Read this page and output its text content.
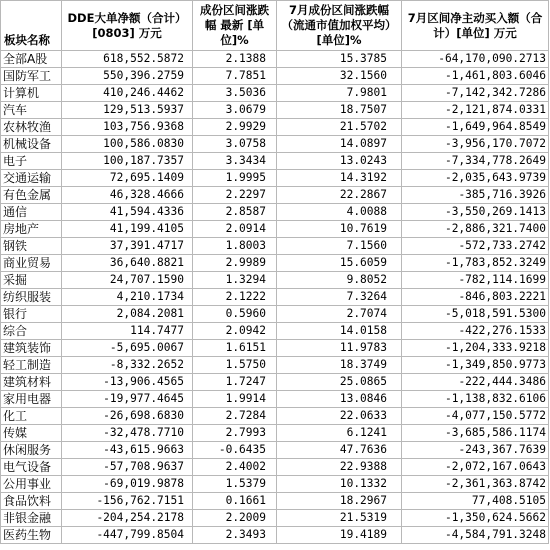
板块名称	DDE大单净额（合计）[0803] 万元	成份区间涨跌幅 最新 [单位]%	7月成份区间涨跌幅（流通市值加权平均）[单位]%	7月区间净主动买入额（合计）[单位] 万元
全部A股	618,552.5872	2.1388	15.3785	-64,170,090.2713
国防军工	550,396.2759	7.7851	32.1560	-1,461,803.6046
计算机	410,246.4462	3.5036	7.9801	-7,142,342.7286
汽车	129,513.5937	3.0679	18.7507	-2,121,874.0331
农林牧渔	103,756.9368	2.9929	21.5702	-1,649,964.8549
机械设备	100,586.0830	3.0758	14.0897	-3,956,170.7072
电子	100,187.7357	3.3434	13.0243	-7,334,778.2649
交通运输	72,695.1409	1.9995	14.3192	-2,035,643.9739
有色金属	46,328.4666	2.2297	22.2867	-385,716.3926
通信	41,594.4336	2.8587	4.0088	-3,550,269.1413
房地产	41,199.4105	2.0914	10.7619	-2,886,321.7400
钢铁	37,391.4717	1.8003	7.1560	-572,733.2742
商业贸易	36,640.8821	2.9989	15.6059	-1,783,852.3249
采掘	24,707.1590	1.3294	9.8052	-782,114.1699
纺织服装	4,210.1734	2.1222	7.3264	-846,803.2221
银行	2,084.2081	0.5960	2.7074	-5,018,591.5300
综合	114.7477	2.0942	14.0158	-422,276.1533
建筑装饰	-5,695.0067	1.6151	11.9783	-1,204,333.9218
轻工制造	-8,332.2652	1.5750	18.3749	-1,349,850.9773
建筑材料	-13,906.4565	1.7247	25.0865	-222,444.3486
家用电器	-19,977.4645	1.9914	13.0846	-1,138,832.6106
化工	-26,698.6830	2.7284	22.0633	-4,077,150.5772
传媒	-32,478.7710	2.7993	6.1241	-3,685,586.1174
休闲服务	-43,615.9663	-0.6435	47.7636	-243,367.7639
电气设备	-57,708.9637	2.4002	22.9388	-2,072,167.0643
公用事业	-69,019.9878	1.5379	10.1332	-2,361,363.8742
食品饮料	-156,762.7151	0.1661	18.2967	77,408.5105
非银金融	-204,254.2178	2.2009	21.5319	-1,350,624.5662
医药生物	-447,799.8504	2.3493	19.4189	-4,584,791.3248
